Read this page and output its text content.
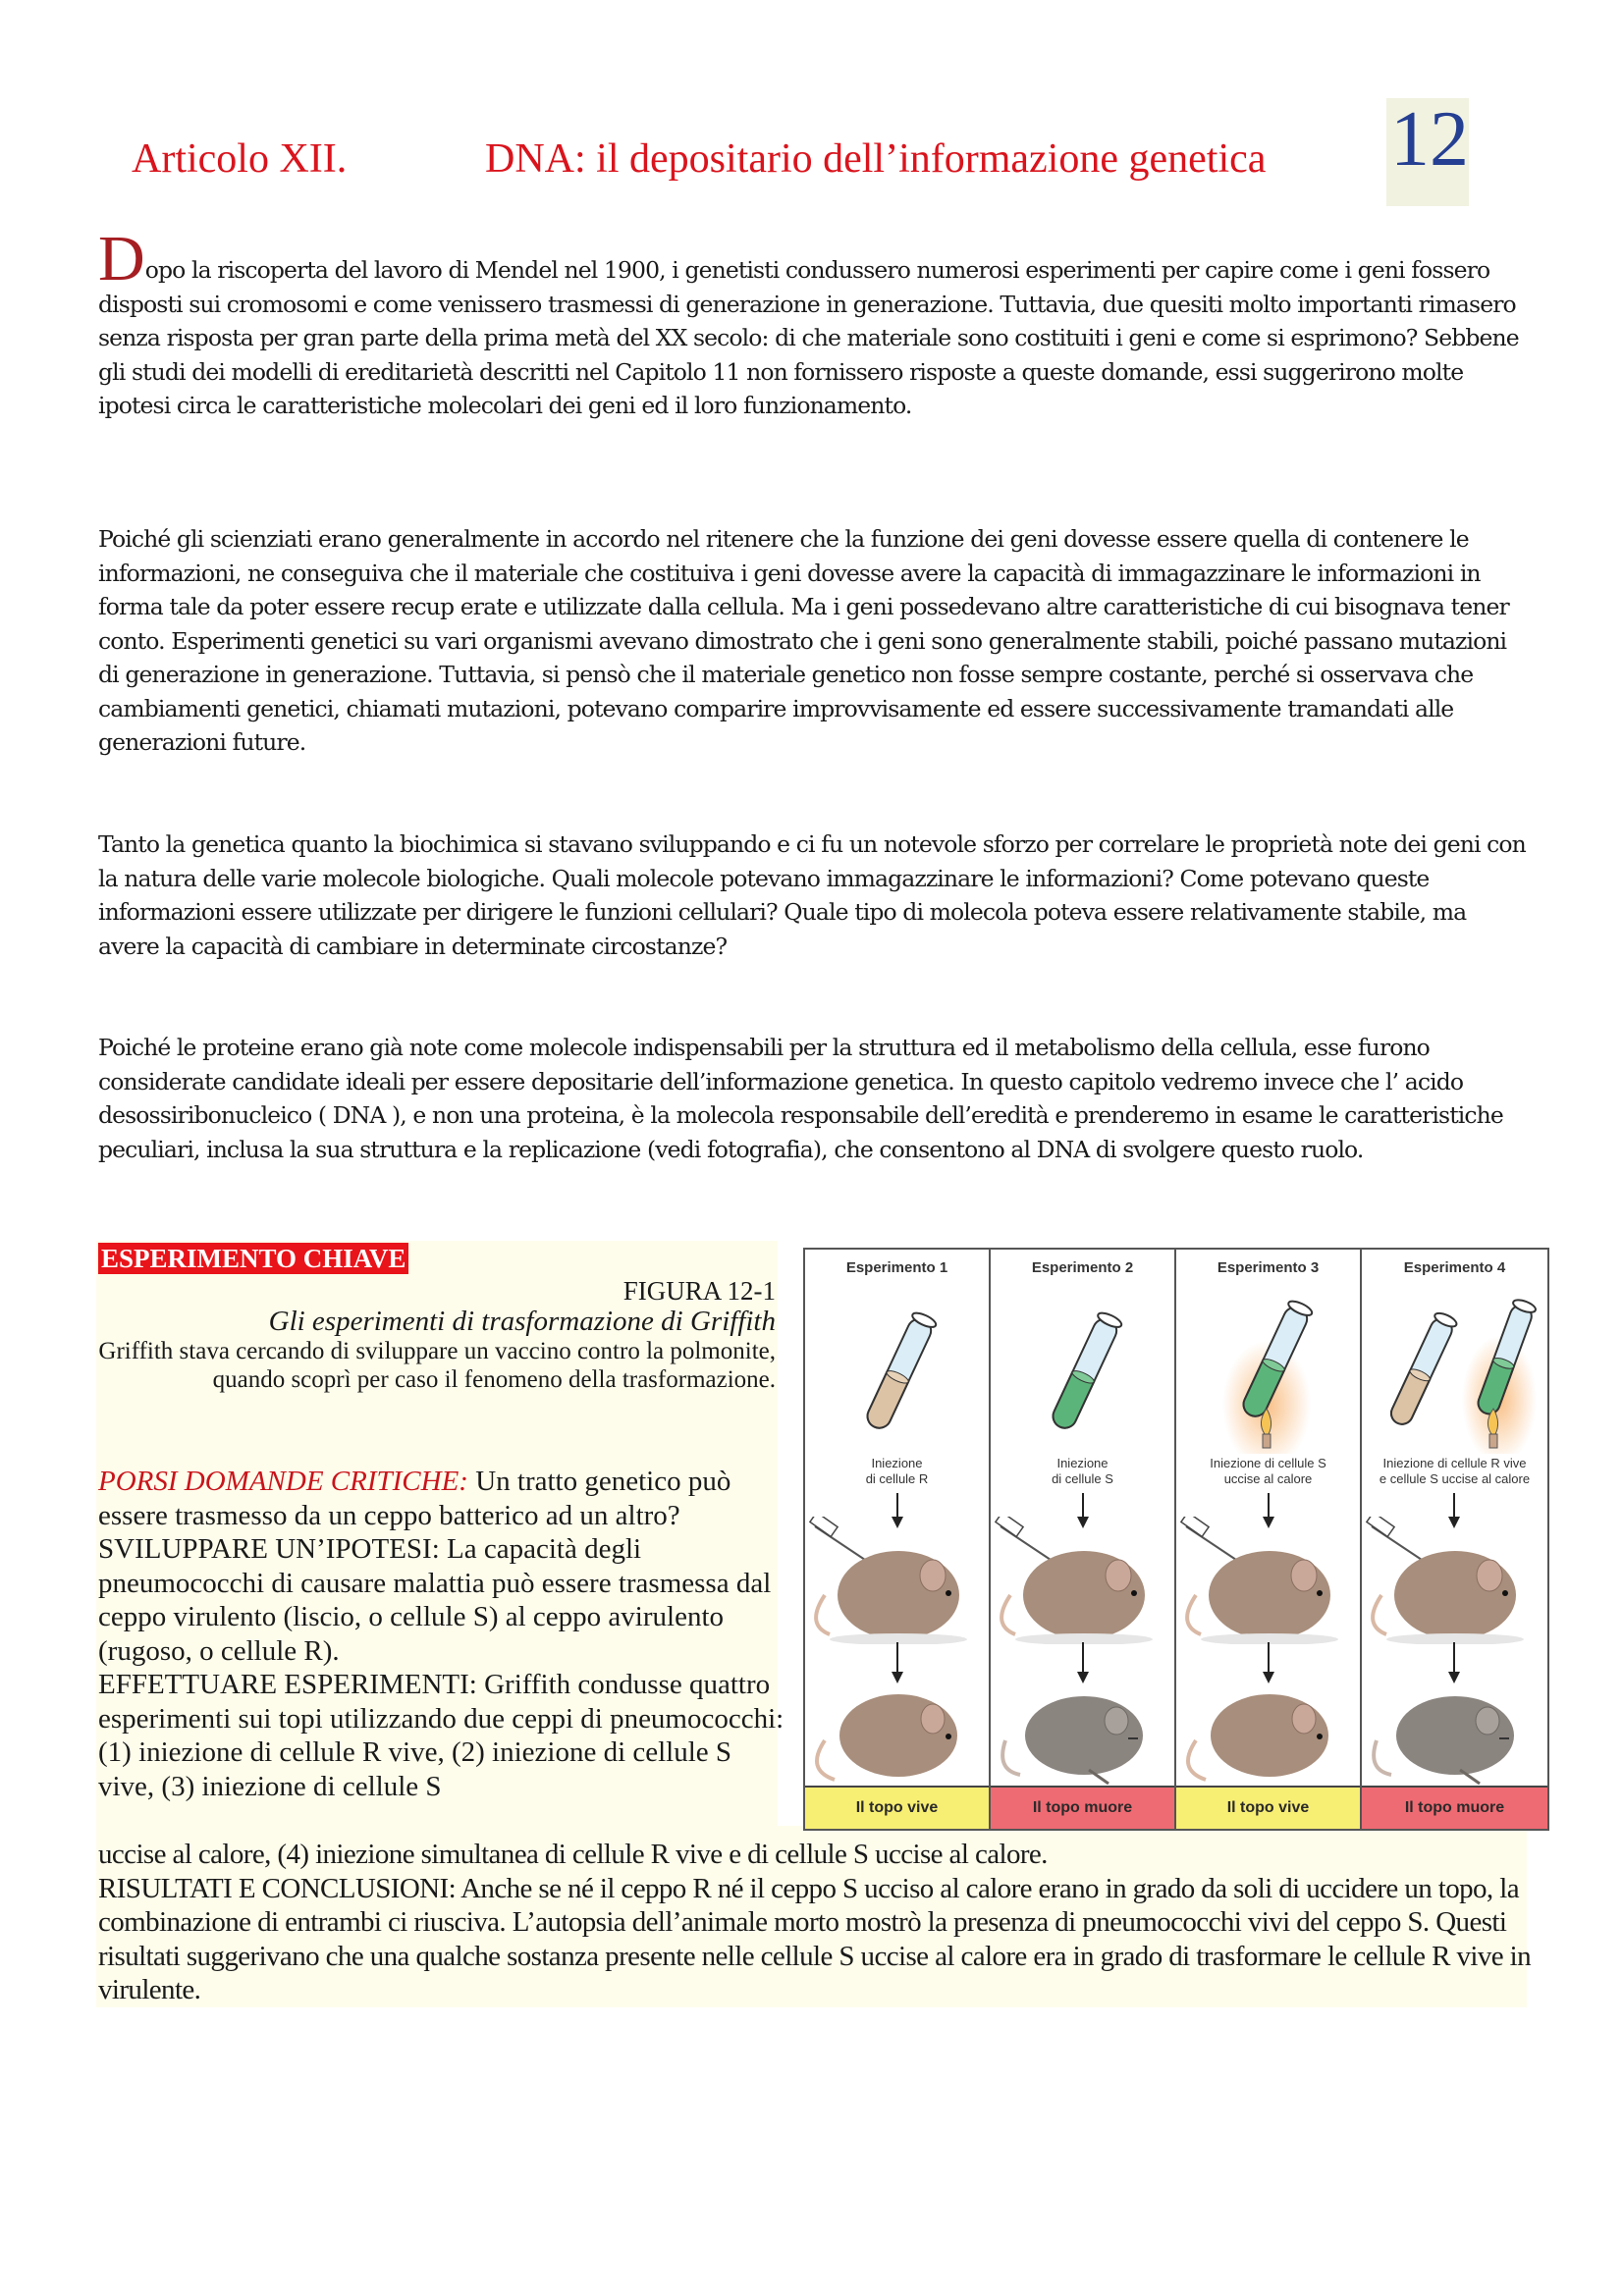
Articolo XII.	DNA: il depositario dell’informazione genetica 12
Dopo la riscoperta del lavoro di Mendel nel 1900, i genetisti condussero numerosi esperimenti per capire come i geni fossero disposti sui cromosomi e come venissero trasmessi di generazione in generazione. Tuttavia, due quesiti molto importanti rimasero senza risposta per gran parte della prima metà del XX secolo: di che materiale sono costituiti i geni e come si esprimono? Sebbene gli studi dei modelli di ereditarietà descritti nel Capitolo 11 non fornissero risposte a queste domande, essi suggerirono molte ipotesi circa le caratteristiche molecolari dei geni ed il loro funzionamento.
Poiché gli scienziati erano generalmente in accordo nel ritenere che la funzione dei geni dovesse essere quella di contenere le informazioni, ne conseguiva che il materiale che costituiva i geni dovesse avere la capacità di immagazzinare le informazioni in forma tale da poter essere recup erate e utilizzate dalla cellula. Ma i geni possedevano altre caratteristiche di cui bisognava tener conto. Esperimenti genetici su vari organismi avevano dimostrato che i geni sono generalmente stabili, poiché passano mutazioni di generazione in generazione. Tuttavia, si pensò che il materiale genetico non fosse sempre costante, perché si osservava che cambiamenti genetici, chiamati mutazioni, potevano comparire improvvisamente ed essere successivamente tramandati alle generazioni future.
Tanto la genetica quanto la biochimica si stavano sviluppando e ci fu un notevole sforzo per correlare le proprietà note dei geni con la natura delle varie molecole biologiche. Quali molecole potevano immagazzinare le informazioni? Come potevano queste informazioni essere utilizzate per dirigere le funzioni cellulari? Quale tipo di molecola poteva essere relativamente stabile, ma avere la capacità di cambiare in determinate circostanze?
Poiché le proteine erano già note come molecole indispensabili per la struttura ed il metabolismo della cellula, esse furono considerate candidate ideali per essere depositarie dell’informazione genetica. In questo capitolo vedremo invece che l’ acido desossiribonucleico ( DNA ), e non una proteina, è la molecola responsabile dell’eredità e prenderemo in esame le caratteristiche peculiari, inclusa la sua struttura e la replicazione (vedi fotografia), che consentono al DNA di svolgere questo ruolo.
ESPERIMENTO CHIAVE
FIGURA 12-1
Gli esperimenti di trasformazione di Griffith
Griffith stava cercando di sviluppare un vaccino contro la polmonite, quando scoprì per caso il fenomeno della trasformazione.
PORSI DOMANDE CRITICHE: Un tratto genetico può essere trasmesso da un ceppo batterico ad un altro?
SVILUPPARE UN’IPOTESI: La capacità degli pneumococchi di causare malattia può essere trasmessa dal ceppo virulento (liscio, o cellule S) al ceppo avirulento (rugoso, o cellule R).
EFFETTUARE ESPERIMENTI: Griffith condusse quattro esperimenti sui topi utilizzando due ceppi di pneumococchi: (1) iniezione di cellule R vive, (2) iniezione di cellule S vive, (3) iniezione di cellule S
uccise al calore, (4) iniezione simultanea di cellule R vive e di cellule S uccise al calore.
RISULTATI E CONCLUSIONI: Anche se né il ceppo R né il ceppo S ucciso al calore erano in grado da soli di uccidere un topo, la combinazione di entrambi ci riusciva. L’autopsia dell’animale morto mostrò la presenza di pneumococchi vivi del ceppo S. Questi risultati suggerivano che una qualche sostanza presente nelle cellule S uccise al calore era in grado di trasformare le cellule R vive in virulente.
Esperimento 1
Iniezione
di cellule R
Il topo vive
Esperimento 2
Iniezione
di cellule S
Il topo muore
Esperimento 3
Iniezione di cellule S
uccise al calore
Il topo vive
Esperimento 4
Iniezione di cellule R vive
e cellule S uccise al calore
Il topo muore
